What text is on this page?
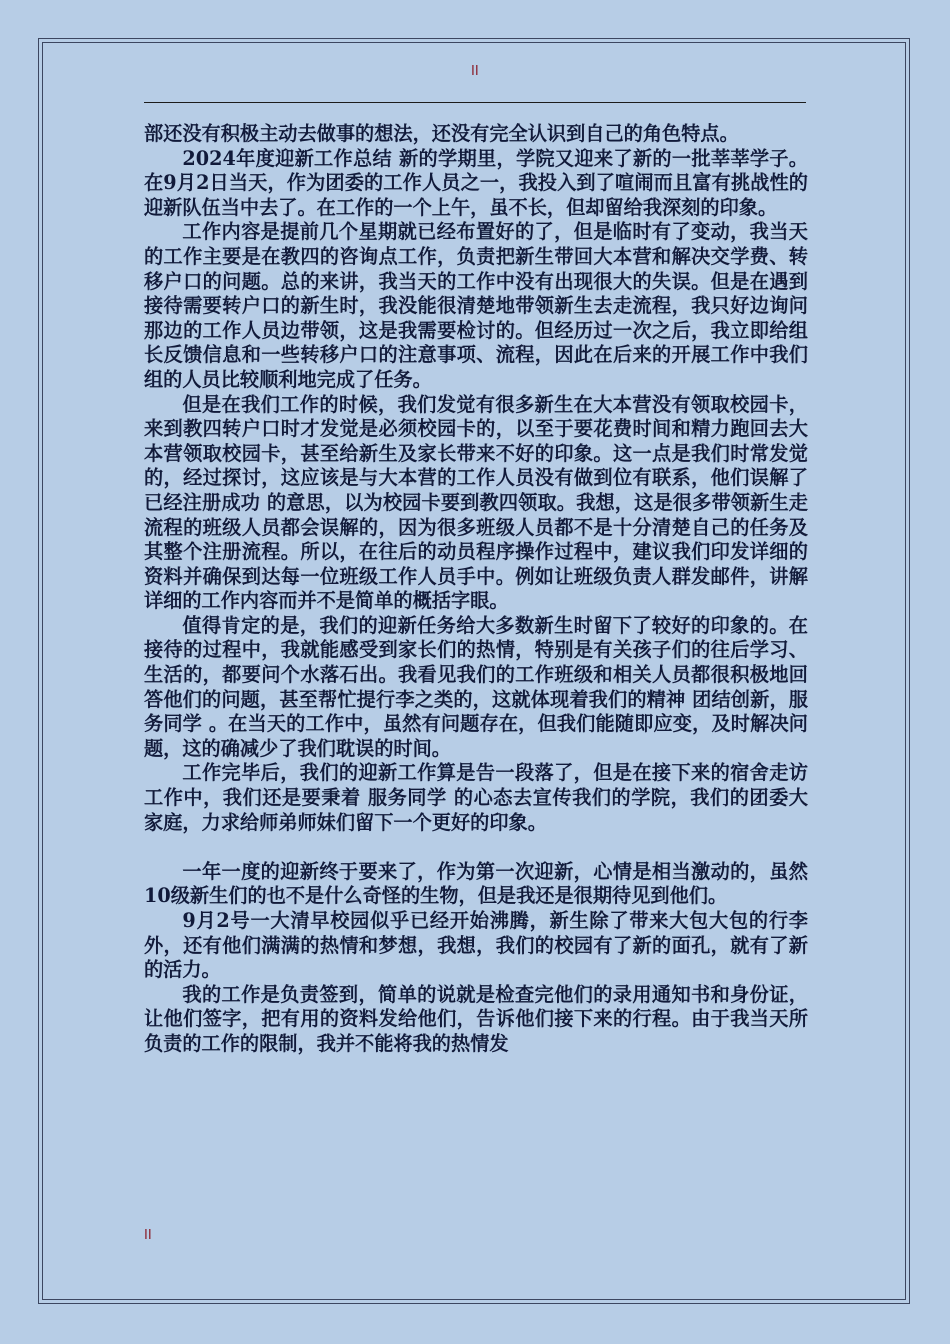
II

部还没有积极主动去做事的想法，还没有完全认识到自己的角色特点。

2024年度迎新工作总结 新的学期里，学院又迎来了新的一批莘莘学子。在9月2日当天，作为团委的工作人员之一，我投入到了喧闹而且富有挑战性的迎新队伍当中去了。在工作的一个上午，虽不长，但却留给我深刻的印象。

工作内容是提前几个星期就已经布置好的了，但是临时有了变动，我当天的工作主要是在教四的咨询点工作，负责把新生带回大本营和解决交学费、转移户口的问题。总的来讲，我当天的工作中没有出现很大的失误。但是在遇到接待需要转户口的新生时，我没能很清楚地带领新生去走流程，我只好边询问那边的工作人员边带领，这是我需要检讨的。但经历过一次之后，我立即给组长反馈信息和一些转移户口的注意事项、流程，因此在后来的开展工作中我们组的人员比较顺利地完成了任务。

但是在我们工作的时候，我们发觉有很多新生在大本营没有领取校园卡，来到教四转户口时才发觉是必须校园卡的，以至于要花费时间和精力跑回去大本营领取校园卡，甚至给新生及家长带来不好的印象。这一点是我们时常发觉的，经过探讨，这应该是与大本营的工作人员没有做到位有联系，他们误解了 已经注册成功 的意思，以为校园卡要到教四领取。我想，这是很多带领新生走流程的班级人员都会误解的，因为很多班级人员都不是十分清楚自己的任务及其整个注册流程。所以，在往后的动员程序操作过程中，建议我们印发详细的资料并确保到达每一位班级工作人员手中。例如让班级负责人群发邮件，讲解详细的工作内容而并不是简单的概括字眼。

值得肯定的是，我们的迎新任务给大多数新生时留下了较好的印象的。在接待的过程中，我就能感受到家长们的热情，特别是有关孩子们的往后学习、生活的，都要问个水落石出。我看见我们的工作班级和相关人员都很积极地回答他们的问题，甚至帮忙提行李之类的，这就体现着我们的精神 团结创新，服务同学 。在当天的工作中，虽然有问题存在，但我们能随即应变，及时解决问题，这的确减少了我们耽误的时间。

工作完毕后，我们的迎新工作算是告一段落了，但是在接下来的宿舍走访工作中，我们还是要秉着 服务同学 的心态去宣传我们的学院，我们的团委大家庭，力求给师弟师妹们留下一个更好的印象。

一年一度的迎新终于要来了，作为第一次迎新，心情是相当激动的，虽然10级新生们的也不是什么奇怪的生物，但是我还是很期待见到他们。

9月2号一大清早校园似乎已经开始沸腾，新生除了带来大包大包的行李外，还有他们满满的热情和梦想，我想，我们的校园有了新的面孔，就有了新的活力。

我的工作是负责签到，简单的说就是检查完他们的录用通知书和身份证，让他们签字，把有用的资料发给他们，告诉他们接下来的行程。由于我当天所负责的工作的限制，我并不能将我的热情发

II
